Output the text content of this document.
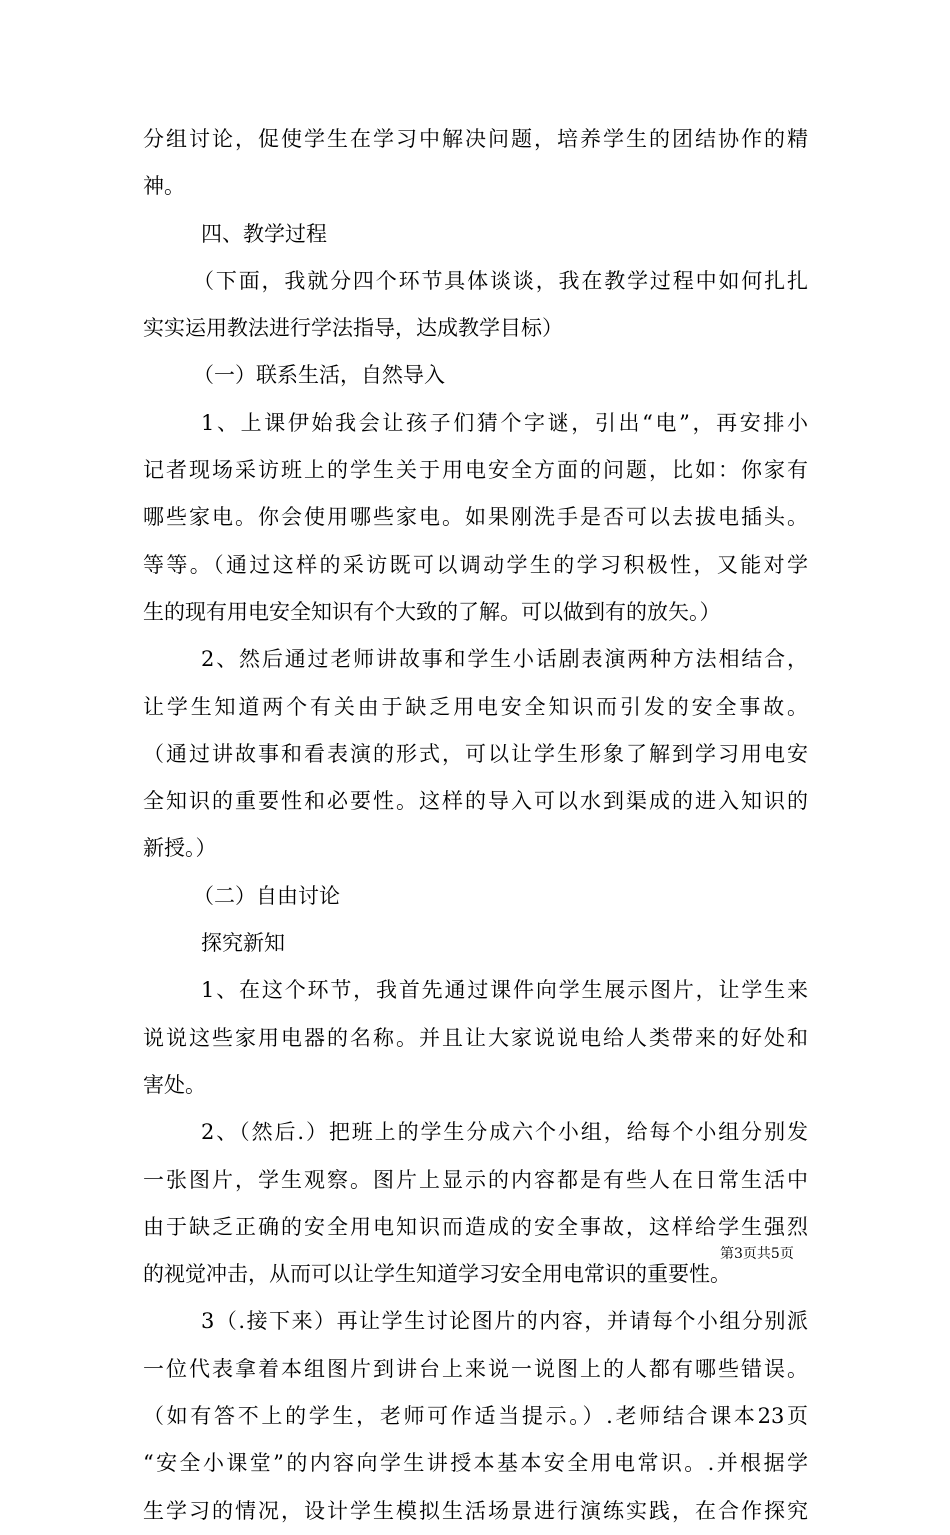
分组讨论，促使学生在学习中解决问题，培养学生的团结协作的精
神。
四、教学过程
（下面，我就分四个环节具体谈谈，我在教学过程中如何扎扎
实实运用教法进行学法指导，达成教学目标）
（一）联系生活，自然导入
1、上课伊始我会让孩子们猜个字谜，引出“电”，再安排小
记者现场采访班上的学生关于用电安全方面的问题，比如：你家有
哪些家电。你会使用哪些家电。如果刚洗手是否可以去拔电插头。
等等。（通过这样的采访既可以调动学生的学习积极性，又能对学
生的现有用电安全知识有个大致的了解。可以做到有的放矢。）
2、然后通过老师讲故事和学生小话剧表演两种方法相结合，
让学生知道两个有关由于缺乏用电安全知识而引发的安全事故。
（通过讲故事和看表演的形式，可以让学生形象了解到学习用电安
全知识的重要性和必要性。这样的导入可以水到渠成的进入知识的
新授。）
（二）自由讨论
探究新知
1、在这个环节，我首先通过课件向学生展示图片，让学生来
说说这些家用电器的名称。并且让大家说说电给人类带来的好处和
害处。
2、（然后.）把班上的学生分成六个小组，给每个小组分别发
一张图片，学生观察。图片上显示的内容都是有些人在日常生活中
由于缺乏正确的安全用电知识而造成的安全事故，这样给学生强烈
的视觉冲击，从而可以让学生知道学习安全用电常识的重要性。
3（.接下来）再让学生讨论图片的内容，并请每个小组分别派
一位代表拿着本组图片到讲台上来说一说图上的人都有哪些错误。
（如有答不上的学生，老师可作适当提示。）.老师结合课本23页
“安全小课堂”的内容向学生讲授本基本安全用电常识。.并根据学
生学习的情况，设计学生模拟生活场景进行演练实践，在合作探究
第3页共5页
